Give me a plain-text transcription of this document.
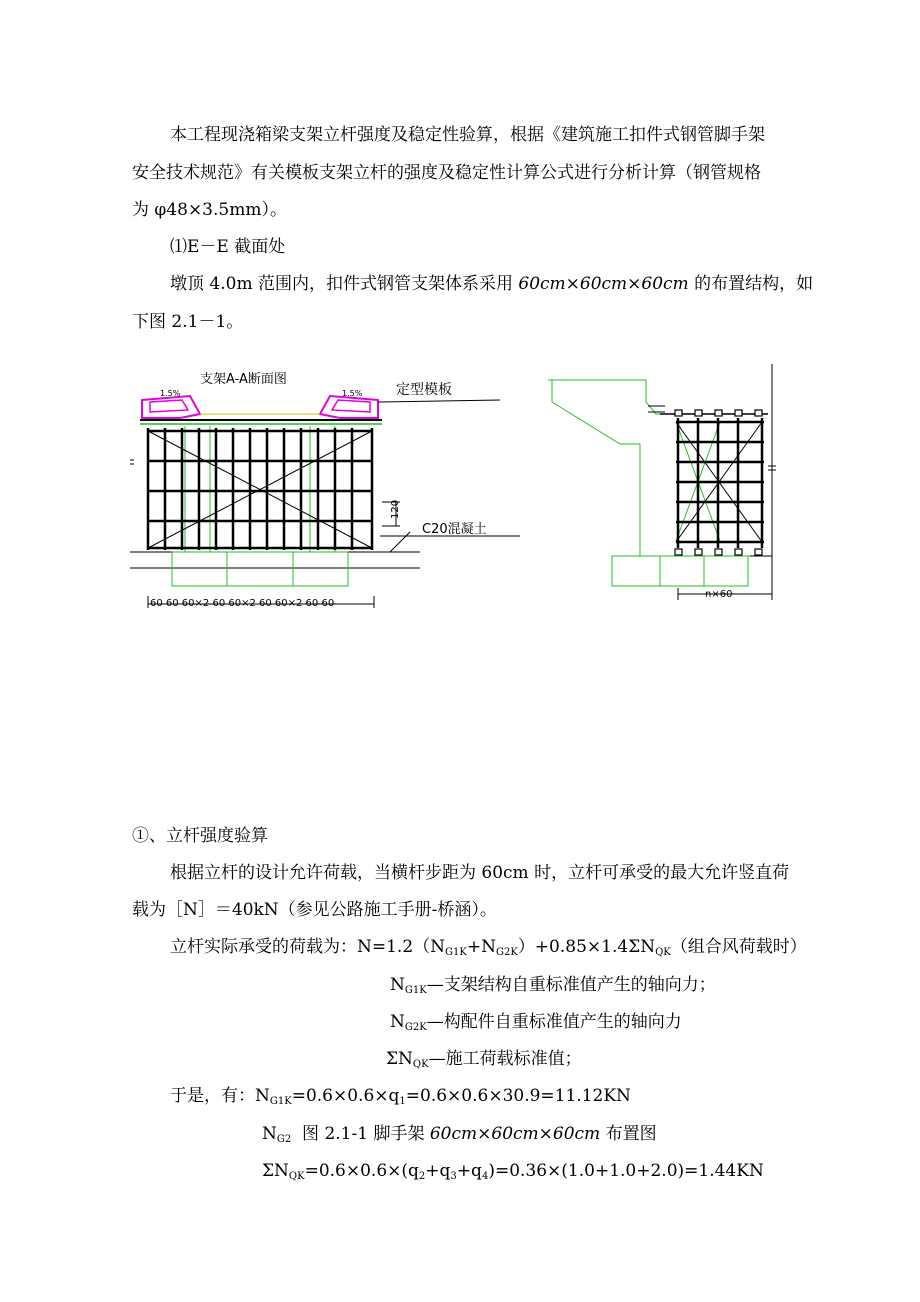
本工程现浇箱梁支架立杆强度及稳定性验算，根据《建筑施工扣件式钢管脚手架
安全技术规范》有关模板支架立杆的强度及稳定性计算公式进行分析计算（钢管规格
为 φ48×3.5mm）。
⑴E－E 截面处
墩顶 4.0m 范围内，扣件式钢管支架体系采用 60cm×60cm×60cm 的布置结构，如
下图 2.1－1。
支架A-A断面图
1.5%	1.5% 定型模板
120
C20混凝土
60 60 60×2 60 60×2 60 60×2 60 60
n×60
①、立杆强度验算
根据立杆的设计允许荷载，当横杆步距为 60cm 时，立杆可承受的最大允许竖直荷
载为［N］＝40kN（参见公路施工手册-桥涵）。
立杆实际承受的荷载为：$N=1.2(N_{G1K}+N_{G2K})+0.85\times 1.4\Sigma N_{QK}$（组合风荷载时）
$N_{G1K}—$支架结构自重标准值产生的轴向力；
$N_{G2K}—$构配件自重标准值产生的轴向力
$\Sigma N_{QK}—$施工荷载标准值；
于是，有：$N_{G1K}=0.6\times 0.6\times q_1=0.6\times 0.6\times 30.9=11.12KN$
$N_{G2}$ 图 2.1-1 脚手架 60cm×60cm×60cm 布置图
$\Sigma N_{QK}=0.6\times 0.6\times(q_2+q_3+q_4)=0.36\times(1.0+1.0+2.0)=1.44KN$
